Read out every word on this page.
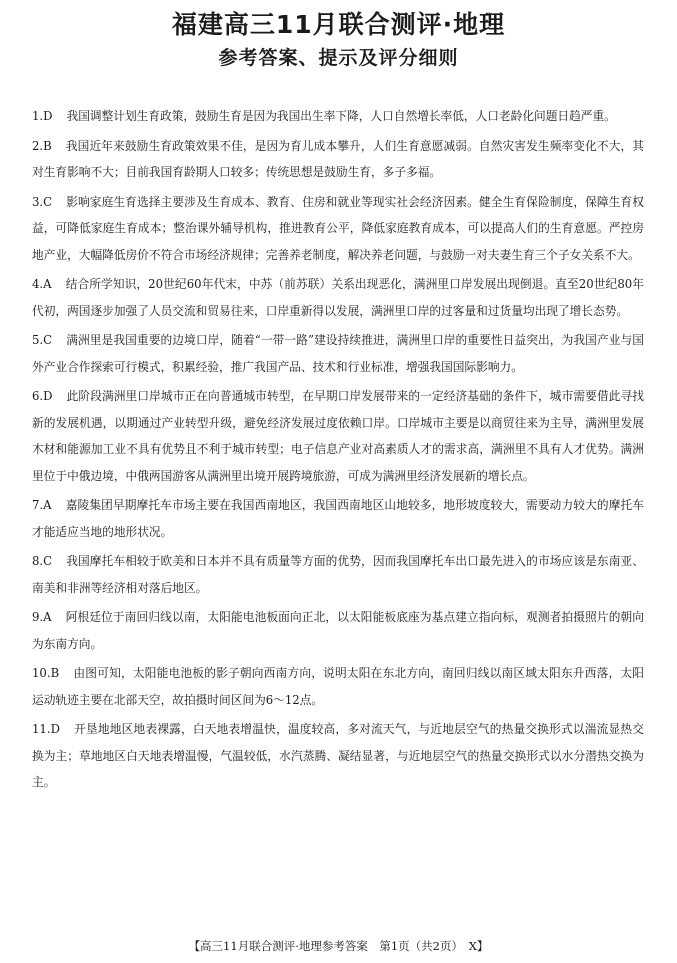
福建高三11月联合测评·地理
参考答案、提示及评分细则
1.D 我国调整计划生育政策，鼓励生育是因为我国出生率下降，人口自然增长率低，人口老龄化问题日趋严重。
2.B 我国近年来鼓励生育政策效果不佳，是因为育儿成本攀升，人们生育意愿减弱。自然灾害发生频率变化不大，其对生育影响不大；目前我国育龄期人口较多；传统思想是鼓励生育，多子多福。
3.C 影响家庭生育选择主要涉及生育成本、教育、住房和就业等现实社会经济因素。健全生育保险制度，保障生育权益，可降低家庭生育成本；整治课外辅导机构，推进教育公平，降低家庭教育成本，可以提高人们的生育意愿。严控房地产业，大幅降低房价不符合市场经济规律；完善养老制度，解决养老问题，与鼓励一对夫妻生育三个子女关系不大。
4.A 结合所学知识，20世纪60年代末，中苏（前苏联）关系出现恶化，满洲里口岸发展出现倒退。直至20世纪80年代初，两国逐步加强了人员交流和贸易往来，口岸重新得以发展，满洲里口岸的过客量和过货量均出现了增长态势。
5.C 满洲里是我国重要的边境口岸，随着“一带一路”建设持续推进，满洲里口岸的重要性日益突出，为我国产业与国外产业合作探索可行模式，积累经验，推广我国产品、技术和行业标准，增强我国国际影响力。
6.D 此阶段满洲里口岸城市正在向普通城市转型，在早期口岸发展带来的一定经济基础的条件下，城市需要借此寻找新的发展机遇，以期通过产业转型升级，避免经济发展过度依赖口岸。口岸城市主要是以商贸往来为主导，满洲里发展木材和能源加工业不具有优势且不利于城市转型；电子信息产业对高素质人才的需求高，满洲里不具有人才优势。满洲里位于中俄边境，中俄两国游客从满洲里出境开展跨境旅游，可成为满洲里经济发展新的增长点。
7.A 嘉陵集团早期摩托车市场主要在我国西南地区，我国西南地区山地较多，地形坡度较大，需要动力较大的摩托车才能适应当地的地形状况。
8.C 我国摩托车相较于欧美和日本并不具有质量等方面的优势，因而我国摩托车出口最先进入的市场应该是东南亚、南美和非洲等经济相对落后地区。
9.A 阿根廷位于南回归线以南，太阳能电池板面向正北，以太阳能板底座为基点建立指向标，观测者拍摄照片的朝向为东南方向。
10.B 由图可知，太阳能电池板的影子朝向西南方向，说明太阳在东北方向，南回归线以南区域太阳东升西落，太阳运动轨迹主要在北部天空，故拍摄时间区间为6～12点。
11.D 开垦地地区地表裸露，白天地表增温快，温度较高，多对流天气，与近地层空气的热量交换形式以湍流显热交换为主；草地地区白天地表增温慢，气温较低，水汽蒸腾、凝结显著，与近地层空气的热量交换形式以水分潜热交换为主。
【高三11月联合测评·地理参考答案　第1页（共2页）　X】
